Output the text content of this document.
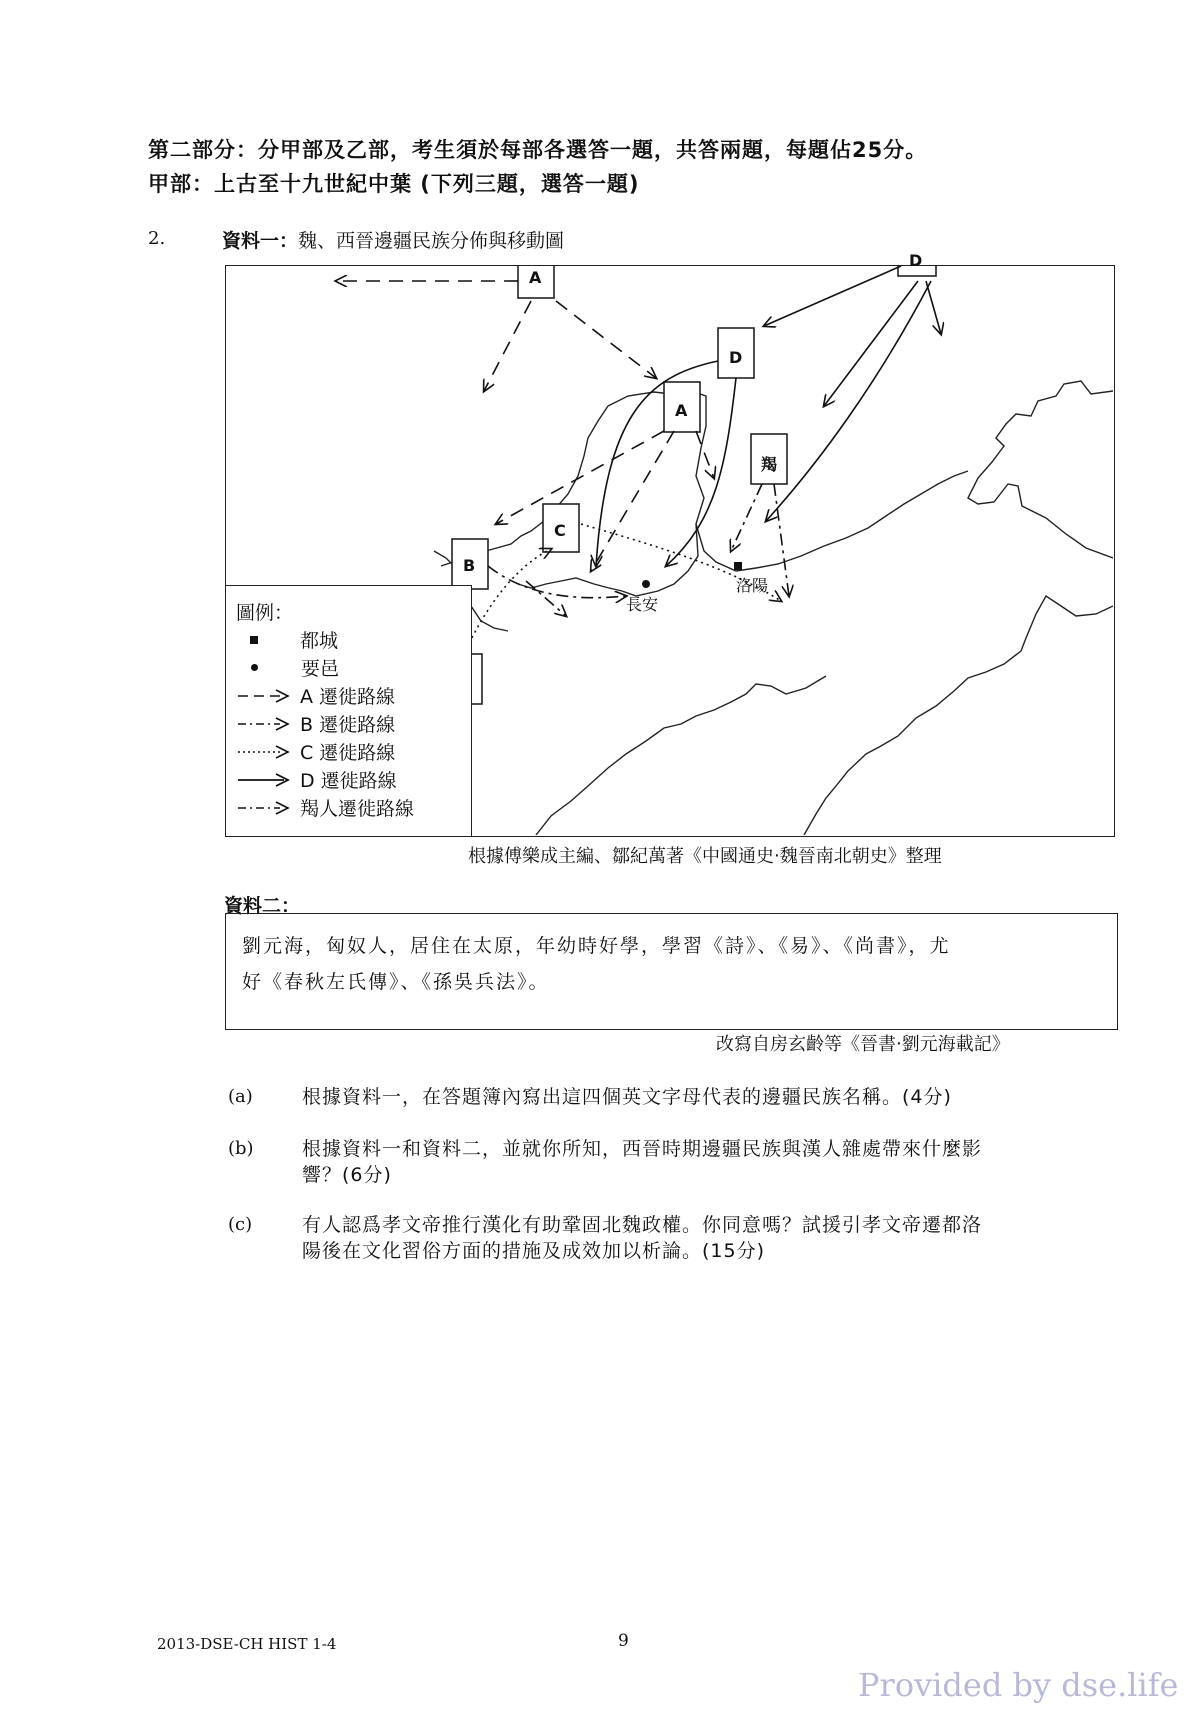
第二部分：分甲部及乙部，考生須於每部各選答一題，共答兩題，每題佔25分。
甲部：上古至十九世紀中葉 (下列三題，選答一題)
2.	資料一：魏、西晉邊疆民族分佈與移動圖
A
D
D
A
羯
C
B
長安
洛陽
圖例：
都城
要邑
A 遷徙路線
B 遷徙路線
C 遷徙路線
D 遷徙路線
羯人遷徙路線
根據傅樂成主編、鄒紀萬著《中國通史‧魏晉南北朝史》整理
資料二：
劉元海，匈奴人，居住在太原，年幼時好學，學習《詩》、《易》、《尚書》，尤
好《春秋左氏傳》、《孫吳兵法》。
改寫自房玄齡等《晉書‧劉元海載記》
(a)	根據資料一，在答題簿內寫出這四個英文字母代表的邊疆民族名稱。(4分)
(b)	根據資料一和資料二，並就你所知，西晉時期邊疆民族與漢人雜處帶來什麼影
響？(6分)
(c)	有人認爲孝文帝推行漢化有助鞏固北魏政權。你同意嗎？試援引孝文帝遷都洛
陽後在文化習俗方面的措施及成效加以析論。(15分)
2013-DSE-CH HIST 1-4	9
Provided by dse.life
